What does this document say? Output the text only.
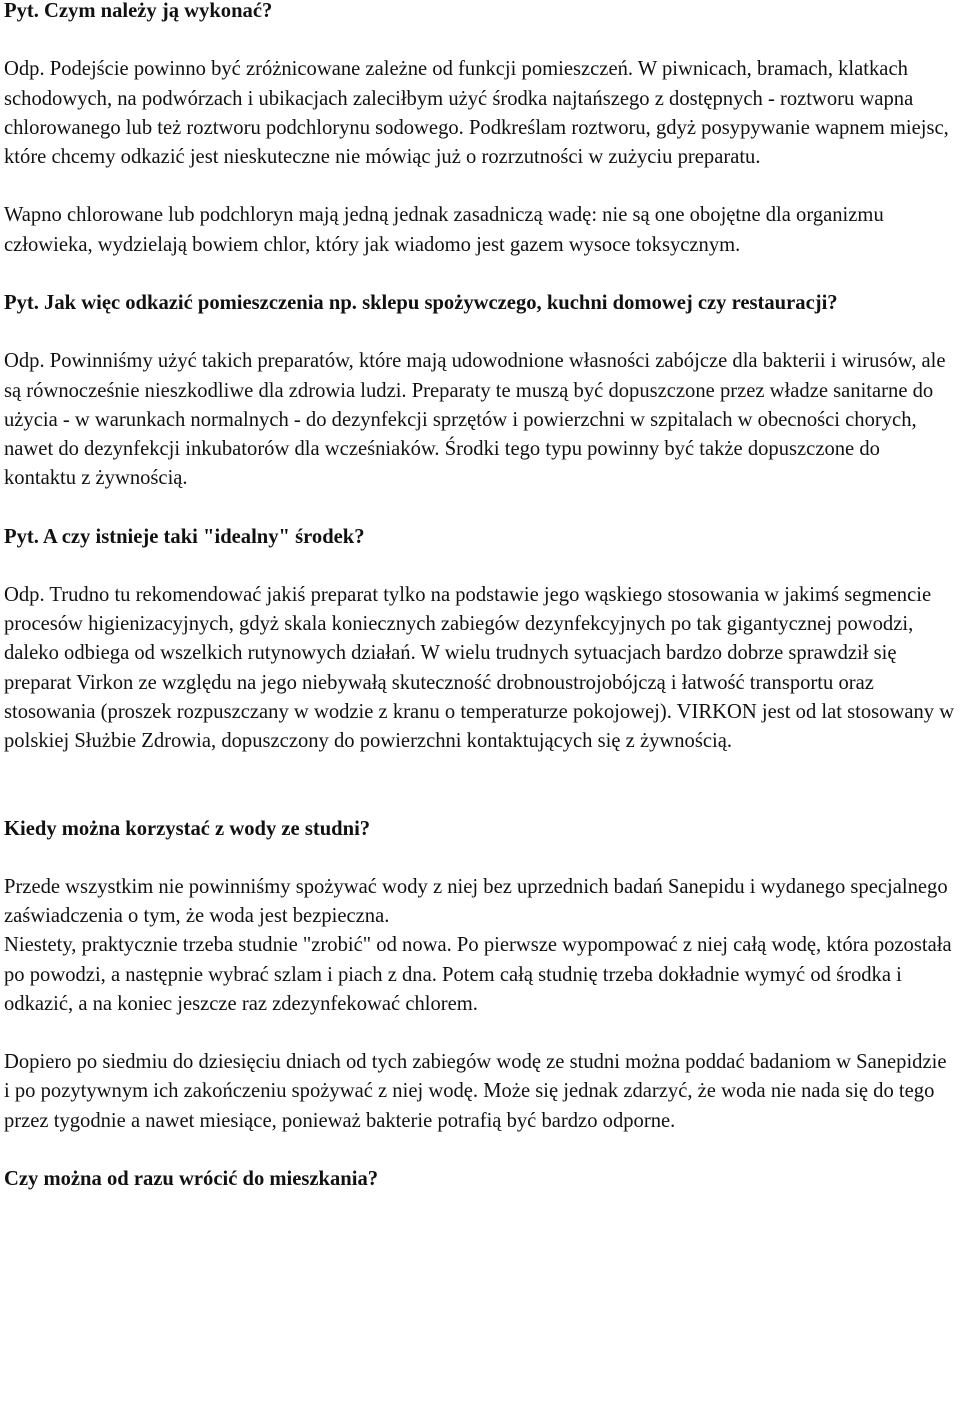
Pyt. Czym należy ją wykonać?

Odp. Podejście powinno być zróżnicowane zależne od funkcji pomieszczeń. W piwnicach, bramach, klatkach schodowych, na podwórzach i ubikacjach zaleciłbym użyć środka najtańszego z dostępnych - roztworu wapna chlorowanego lub też roztworu podchlorynu sodowego. Podkreślam roztworu, gdyż posypywanie wapnem miejsc, które chcemy odkazić jest nieskuteczne nie mówiąc już o rozrzutności w zużyciu preparatu.

Wapno chlorowane lub podchloryn mają jedną jednak zasadniczą wadę: nie są one obojętne dla organizmu człowieka, wydzielają bowiem chlor, który jak wiadomo jest gazem wysoce toksycznym.

Pyt. Jak więc odkazić pomieszczenia np. sklepu spożywczego, kuchni domowej czy restauracji?

Odp. Powinniśmy użyć takich preparatów, które mają udowodnione własności zabójcze dla bakterii i wirusów, ale są równocześnie nieszkodliwe dla zdrowia ludzi. Preparaty te muszą być dopuszczone przez władze sanitarne do użycia - w warunkach normalnych - do dezynfekcji sprzętów i powierzchni w szpitalach w obecności chorych, nawet do dezynfekcji inkubatorów dla wcześniaków. Środki tego typu powinny być także dopuszczone do kontaktu z żywnością.

Pyt. A czy istnieje taki "idealny" środek?

Odp. Trudno tu rekomendować jakiś preparat tylko na podstawie jego wąskiego stosowania w jakimś segmencie procesów higienizacyjnych, gdyż skala koniecznych zabiegów dezynfekcyjnych po tak gigantycznej powodzi, daleko odbiega od wszelkich rutynowych działań. W wielu trudnych sytuacjach bardzo dobrze sprawdził się preparat Virkon ze względu na jego niebywałą skuteczność drobnoustrojobójczą i łatwość transportu oraz stosowania (proszek rozpuszczany w wodzie z kranu o temperaturze pokojowej). VIRKON jest od lat stosowany w polskiej Służbie Zdrowia, dopuszczony do powierzchni kontaktujących się z żywnością.

Kiedy można korzystać z wody ze studni?

Przede wszystkim nie powinniśmy spożywać wody z niej bez uprzednich badań Sanepidu i wydanego specjalnego zaświadczenia o tym, że woda jest bezpieczna.

Niestety, praktycznie trzeba studnie "zrobić" od nowa. Po pierwsze wypompować z niej całą wodę, która pozostała po powodzi, a następnie wybrać szlam i piach z dna. Potem całą studnię trzeba dokładnie wymyć od środka i odkazić, a na koniec jeszcze raz zdezynfekować chlorem.

Dopiero po siedmiu do dziesięciu dniach od tych zabiegów wodę ze studni można poddać badaniom w Sanepidzie i po pozytywnym ich zakończeniu spożywać z niej wodę. Może się jednak zdarzyć, że woda nie nada się do tego przez tygodnie a nawet miesiące, ponieważ bakterie potrafią być bardzo odporne.

Czy można od razu wrócić do mieszkania?
